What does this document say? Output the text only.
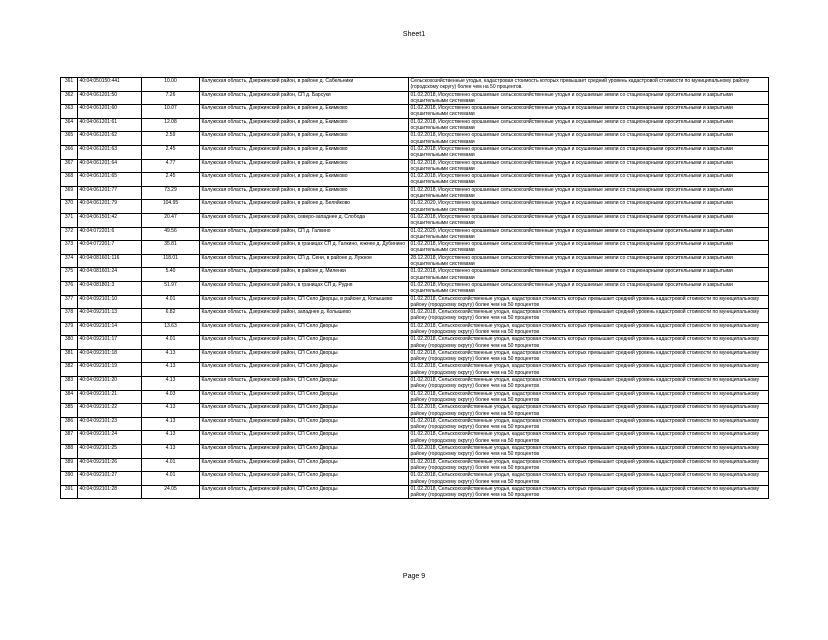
Sheet1
361	40:04:050150:441	10.00	Калужская область, Дзержинский район, в районе д. Сабельники	Сельскохозяйственные угодья, кадастровая стоимость которых превышает средний уровень кадастровой стоимости по муниципальному району (городскому округу) более чем на 50 процентов.
362	40:04:061201:50	7.26	Калужская область, Дзержинский район, СП д. Барсуки	01.02.2018, Искусственно орошаемые сельскохозяйственные угодья и осушаемые земли со стационарными оросительными и закрытыми осушительными системами
363	40:04:061201:60	10.07	Калужская область, Дзержинский район, в районе д. Екимково	01.02.2018, Искусственно орошаемые сельскохозяйственные угодья и осушаемые земли со стационарными оросительными и закрытыми осушительными системами
364	40:04:061201:61	12.08	Калужская область, Дзержинский район, в районе д. Екимково	01.02.2018, Искусственно орошаемые сельскохозяйственные угодья и осушаемые земли со стационарными оросительными и закрытыми осушительными системами
365	40:04:061201:62	2.59	Калужская область, Дзержинский район, в районе д. Екимково	01.02.2018, Искусственно орошаемые сельскохозяйственные угодья и осушаемые земли со стационарными оросительными и закрытыми осушительными системами
366	40:04:061201:63	2.45	Калужская область, Дзержинский район, в районе д. Екимково	01.02.2018, Искусственно орошаемые сельскохозяйственные угодья и осушаемые земли со стационарными оросительными и закрытыми осушительными системами
367	40:04:061201:64	4.77	Калужская область, Дзержинский район, в районе д. Екимково	01.02.2018, Искусственно орошаемые сельскохозяйственные угодья и осушаемые земли со стационарными оросительными и закрытыми осушительными системами
368	40:04:061201:65	2.45	Калужская область, Дзержинский район, в районе д. Екимково	01.02.2018, Искусственно орошаемые сельскохозяйственные угодья и осушаемые земли со стационарными оросительными и закрытыми осушительными системами
369	40:04:061201:77	73.29	Калужская область, Дзержинский район, в районе д. Екимково	01.02.2018, Искусственно орошаемые сельскохозяйственные угодья и осушаемые земли со стационарными оросительными и закрытыми осушительными системами
370	40:04:061201:79	104.95	Калужская область, Дзержинский район, в районе д. Беляйково	01.02.2020, Искусственно орошаемые сельскохозяйственные угодья и осушаемые земли со стационарными оросительными и закрытыми осушительными системами
371	40:04:061501:42	20.47	Калужская область, Дзержинский район, северо-западнее д. Слобода	01.02.2018, Искусственно орошаемые сельскохозяйственные угодья и осушаемые земли со стационарными оросительными и закрытыми осушительными системами
372	40:04:072201:6	49.56	Калужская область, Дзержинский район, СП д. Галкино	01.02.2020, Искусственно орошаемые сельскохозяйственные угодья и осушаемые земли со стационарными оросительными и закрытыми осушительными системами
373	40:04:072201:7	35.81	Калужская область, Дзержинский район, в границах СП д. Галкино, южнее д. Дубинино	01.02.2018, Искусственно орошаемые сельскохозяйственные угодья и осушаемые земли со стационарными оросительными и закрытыми осушительными системами
374	40:04:081601:116	118.01	Калужская область, Дзержинский район, СП д. Сени, в районе д. Лужное	28.12.2018, Искусственно орошаемые сельскохозяйственные угодья и осушаемые земли со стационарными оросительными и закрытыми осушительными системами
375	40:04:081601:24	5.40	Калужская область, Дзержинский район, в районе д. Миленки	01.02.2018, Искусственно орошаемые сельскохозяйственные угодья и осушаемые земли со стационарными оросительными и закрытыми осушительными системами
376	40:04:081801:3	51.97	Калужская область, Дзержинский район, в границах СП д. Рудня	01.02.2018, Искусственно орошаемые сельскохозяйственные угодья и осушаемые земли со стационарными оросительными и закрытыми осушительными системами
377	40:04:092101:10	4.01	Калужская область, Дзержинский район, СП Село Дворцы, в районе д. Колышево	01.02.2018, Сельскохозяйственные угодья, кадастровая стоимость которых превышает средний уровень кадастровой стоимости по муниципальному району (городскому округу) более чем на 50 процентов
378	40:04:092101:13	6.82	Калужская область, Дзержинский район, западнее д. Колышево	01.02.2018, Сельскохозяйственные угодья, кадастровая стоимость которых превышает средний уровень кадастровой стоимости по муниципальному району (городскому округу) более чем на 50 процентов
379	40:04:092101:14	13.63	Калужская область, Дзержинский район, СП Село Дворцы	01.02.2018, Сельскохозяйственные угодья, кадастровая стоимость которых превышает средний уровень кадастровой стоимости по муниципальному району (городскому округу) более чем на 50 процентов
380	40:04:092101:17	4.01	Калужская область, Дзержинский район, СП Село Дворцы	01.02.2018, Сельскохозяйственные угодья, кадастровая стоимость которых превышает средний уровень кадастровой стоимости по муниципальному району (городскому округу) более чем на 50 процентов
381	40:04:092101:18	4.13	Калужская область, Дзержинский район, СП Село Дворцы	01.02.2018, Сельскохозяйственные угодья, кадастровая стоимость которых превышает средний уровень кадастровой стоимости по муниципальному району (городскому округу) более чем на 50 процентов
382	40:04:092101:19	4.13	Калужская область, Дзержинский район, СП Село Дворцы	01.02.2018, Сельскохозяйственные угодья, кадастровая стоимость которых превышает средний уровень кадастровой стоимости по муниципальному району (городскому округу) более чем на 50 процентов
383	40:04:092101:20	4.13	Калужская область, Дзержинский район, СП Село Дворцы	01.02.2018, Сельскохозяйственные угодья, кадастровая стоимость которых превышает средний уровень кадастровой стоимости по муниципальному району (городскому округу) более чем на 50 процентов
384	40:04:092101:21	4.03	Калужская область, Дзержинский район, СП Село Дворцы	01.02.2018, Сельскохозяйственные угодья, кадастровая стоимость которых превышает средний уровень кадастровой стоимости по муниципальному району (городскому округу) более чем на 50 процентов
385	40:04:092101:22	4.13	Калужская область, Дзержинский район, СП Село Дворцы	01.02.2018, Сельскохозяйственные угодья, кадастровая стоимость которых превышает средний уровень кадастровой стоимости по муниципальному району (городскому округу) более чем на 50 процентов
386	40:04:092101:23	4.13	Калужская область, Дзержинский район, СП Село Дворцы	01.02.2018, Сельскохозяйственные угодья, кадастровая стоимость которых превышает средний уровень кадастровой стоимости по муниципальному району (городскому округу) более чем на 50 процентов
387	40:04:092101:24	4.13	Калужская область, Дзержинский район, СП Село Дворцы	01.02.2018, Сельскохозяйственные угодья, кадастровая стоимость которых превышает средний уровень кадастровой стоимости по муниципальному району (городскому округу) более чем на 50 процентов
388	40:04:092101:25	4.13	Калужская область, Дзержинский район, СП Село Дворцы	01.02.2018, Сельскохозяйственные угодья, кадастровая стоимость которых превышает средний уровень кадастровой стоимости по муниципальному району (городскому округу) более чем на 50 процентов
389	40:04:092101:26	4.01	Калужская область, Дзержинский район, СП Село Дворцы	01.02.2018, Сельскохозяйственные угодья, кадастровая стоимость которых превышает средний уровень кадастровой стоимости по муниципальному району (городскому округу) более чем на 50 процентов
390	40:04:092101:27	4.01	Калужская область, Дзержинский район, СП Село Дворцы	01.02.2018, Сельскохозяйственные угодья, кадастровая стоимость которых превышает средний уровень кадастровой стоимости по муниципальному району (городскому округу) более чем на 50 процентов
391	40:04:092101:28	24.05	Калужская область, Дзержинский район, СП Село Дворцы	01.02.2018, Сельскохозяйственные угодья, кадастровая стоимость которых превышает средний уровень кадастровой стоимости по муниципальному району (городскому округу) более чем на 50 процентов
Page 9
